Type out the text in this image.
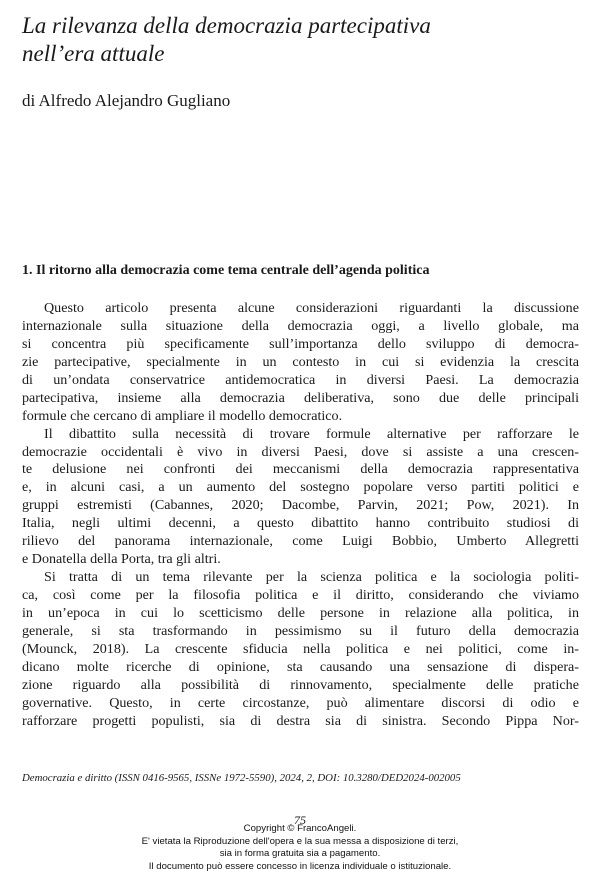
La rilevanza della democrazia partecipativa
nell’era attuale
di Alfredo Alejandro Gugliano
1. Il ritorno alla democrazia come tema centrale dell’agenda politica
Questo articolo presenta alcune considerazioni riguardanti la discussione
internazionale sulla situazione della democrazia oggi, a livello globale, ma
si concentra più specificamente sull’importanza dello sviluppo di democra-
zie partecipative, specialmente in un contesto in cui si evidenzia la crescita
di un’ondata conservatrice antidemocratica in diversi Paesi. La democrazia
partecipativa, insieme alla democrazia deliberativa, sono due delle principali
formule che cercano di ampliare il modello democratico.
Il dibattito sulla necessità di trovare formule alternative per rafforzare le
democrazie occidentali è vivo in diversi Paesi, dove si assiste a una crescen-
te delusione nei confronti dei meccanismi della democrazia rappresentativa
e, in alcuni casi, a un aumento del sostegno popolare verso partiti politici e
gruppi estremisti (Cabannes, 2020; Dacombe, Parvin, 2021; Pow, 2021). In
Italia, negli ultimi decenni, a questo dibattito hanno contribuito studiosi di
rilievo del panorama internazionale, come Luigi Bobbio, Umberto Allegretti
e Donatella della Porta, tra gli altri.
Si tratta di un tema rilevante per la scienza politica e la sociologia politi-
ca, così come per la filosofia politica e il diritto, considerando che viviamo
in un’epoca in cui lo scetticismo delle persone in relazione alla politica, in
generale, si sta trasformando in pessimismo su il futuro della democrazia
(Mounck, 2018). La crescente sfiducia nella politica e nei politici, come in-
dicano molte ricerche di opinione, sta causando una sensazione di dispera-
zione riguardo alla possibilità di rinnovamento, specialmente delle pratiche
governative. Questo, in certe circostanze, può alimentare discorsi di odio e
rafforzare progetti populisti, sia di destra sia di sinistra. Secondo Pippa Nor-
Democrazia e diritto (ISSN 0416-9565, ISSNe 1972-5590), 2024, 2, DOI: 10.3280/DED2024-002005
75
Copyright © FrancoAngeli.
E' vietata la Riproduzione dell'opera e la sua messa a disposizione di terzi,
sia in forma gratuita sia a pagamento.
Il documento può essere concesso in licenza individuale o istituzionale.
